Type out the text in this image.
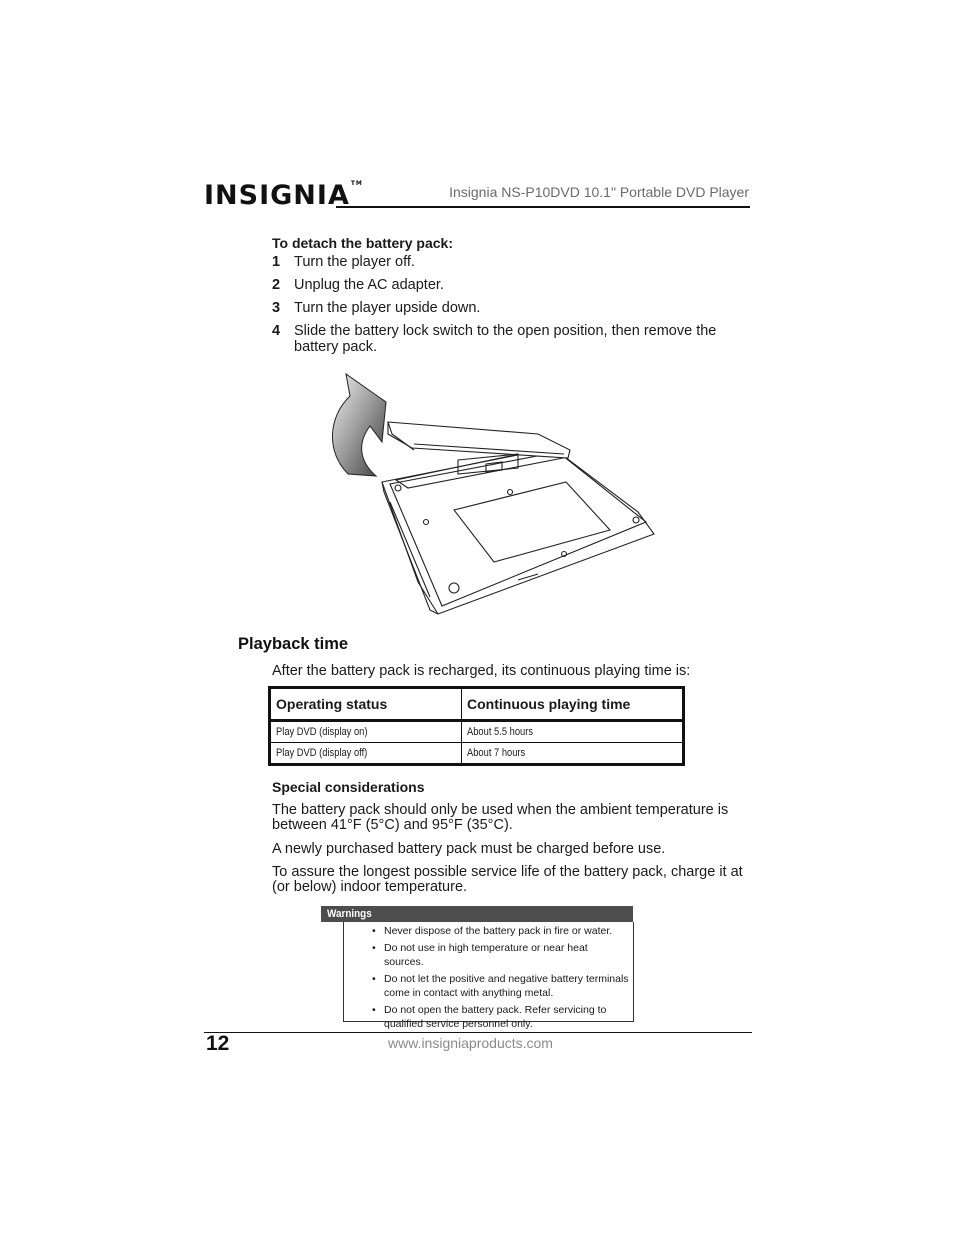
INSIGNIA™
Insignia NS-P10DVD 10.1" Portable DVD Player
To detach the battery pack:
1 Turn the player off.
2 Unplug the AC adapter.
3 Turn the player upside down.
4 Slide the battery lock switch to the open position, then remove the battery pack.
Playback time
After the battery pack is recharged, its continuous playing time is:
Operating status	Continuous playing time
Play DVD (display on)	About 5.5 hours
Play DVD (display off)	About 7 hours
Special considerations

The battery pack should only be used when the ambient temperature is between 41°F (5°C) and 95°F (35°C).

A newly purchased battery pack must be charged before use.

To assure the longest possible service life of the battery pack, charge it at (or below) indoor temperature.

Warnings
• Never dispose of the battery pack in fire or water.
• Do not use in high temperature or near heat sources.
• Do not let the positive and negative battery terminals come in contact with anything metal.
• Do not open the battery pack. Refer servicing to qualified service personnel only.
12	www.insigniaproducts.com
